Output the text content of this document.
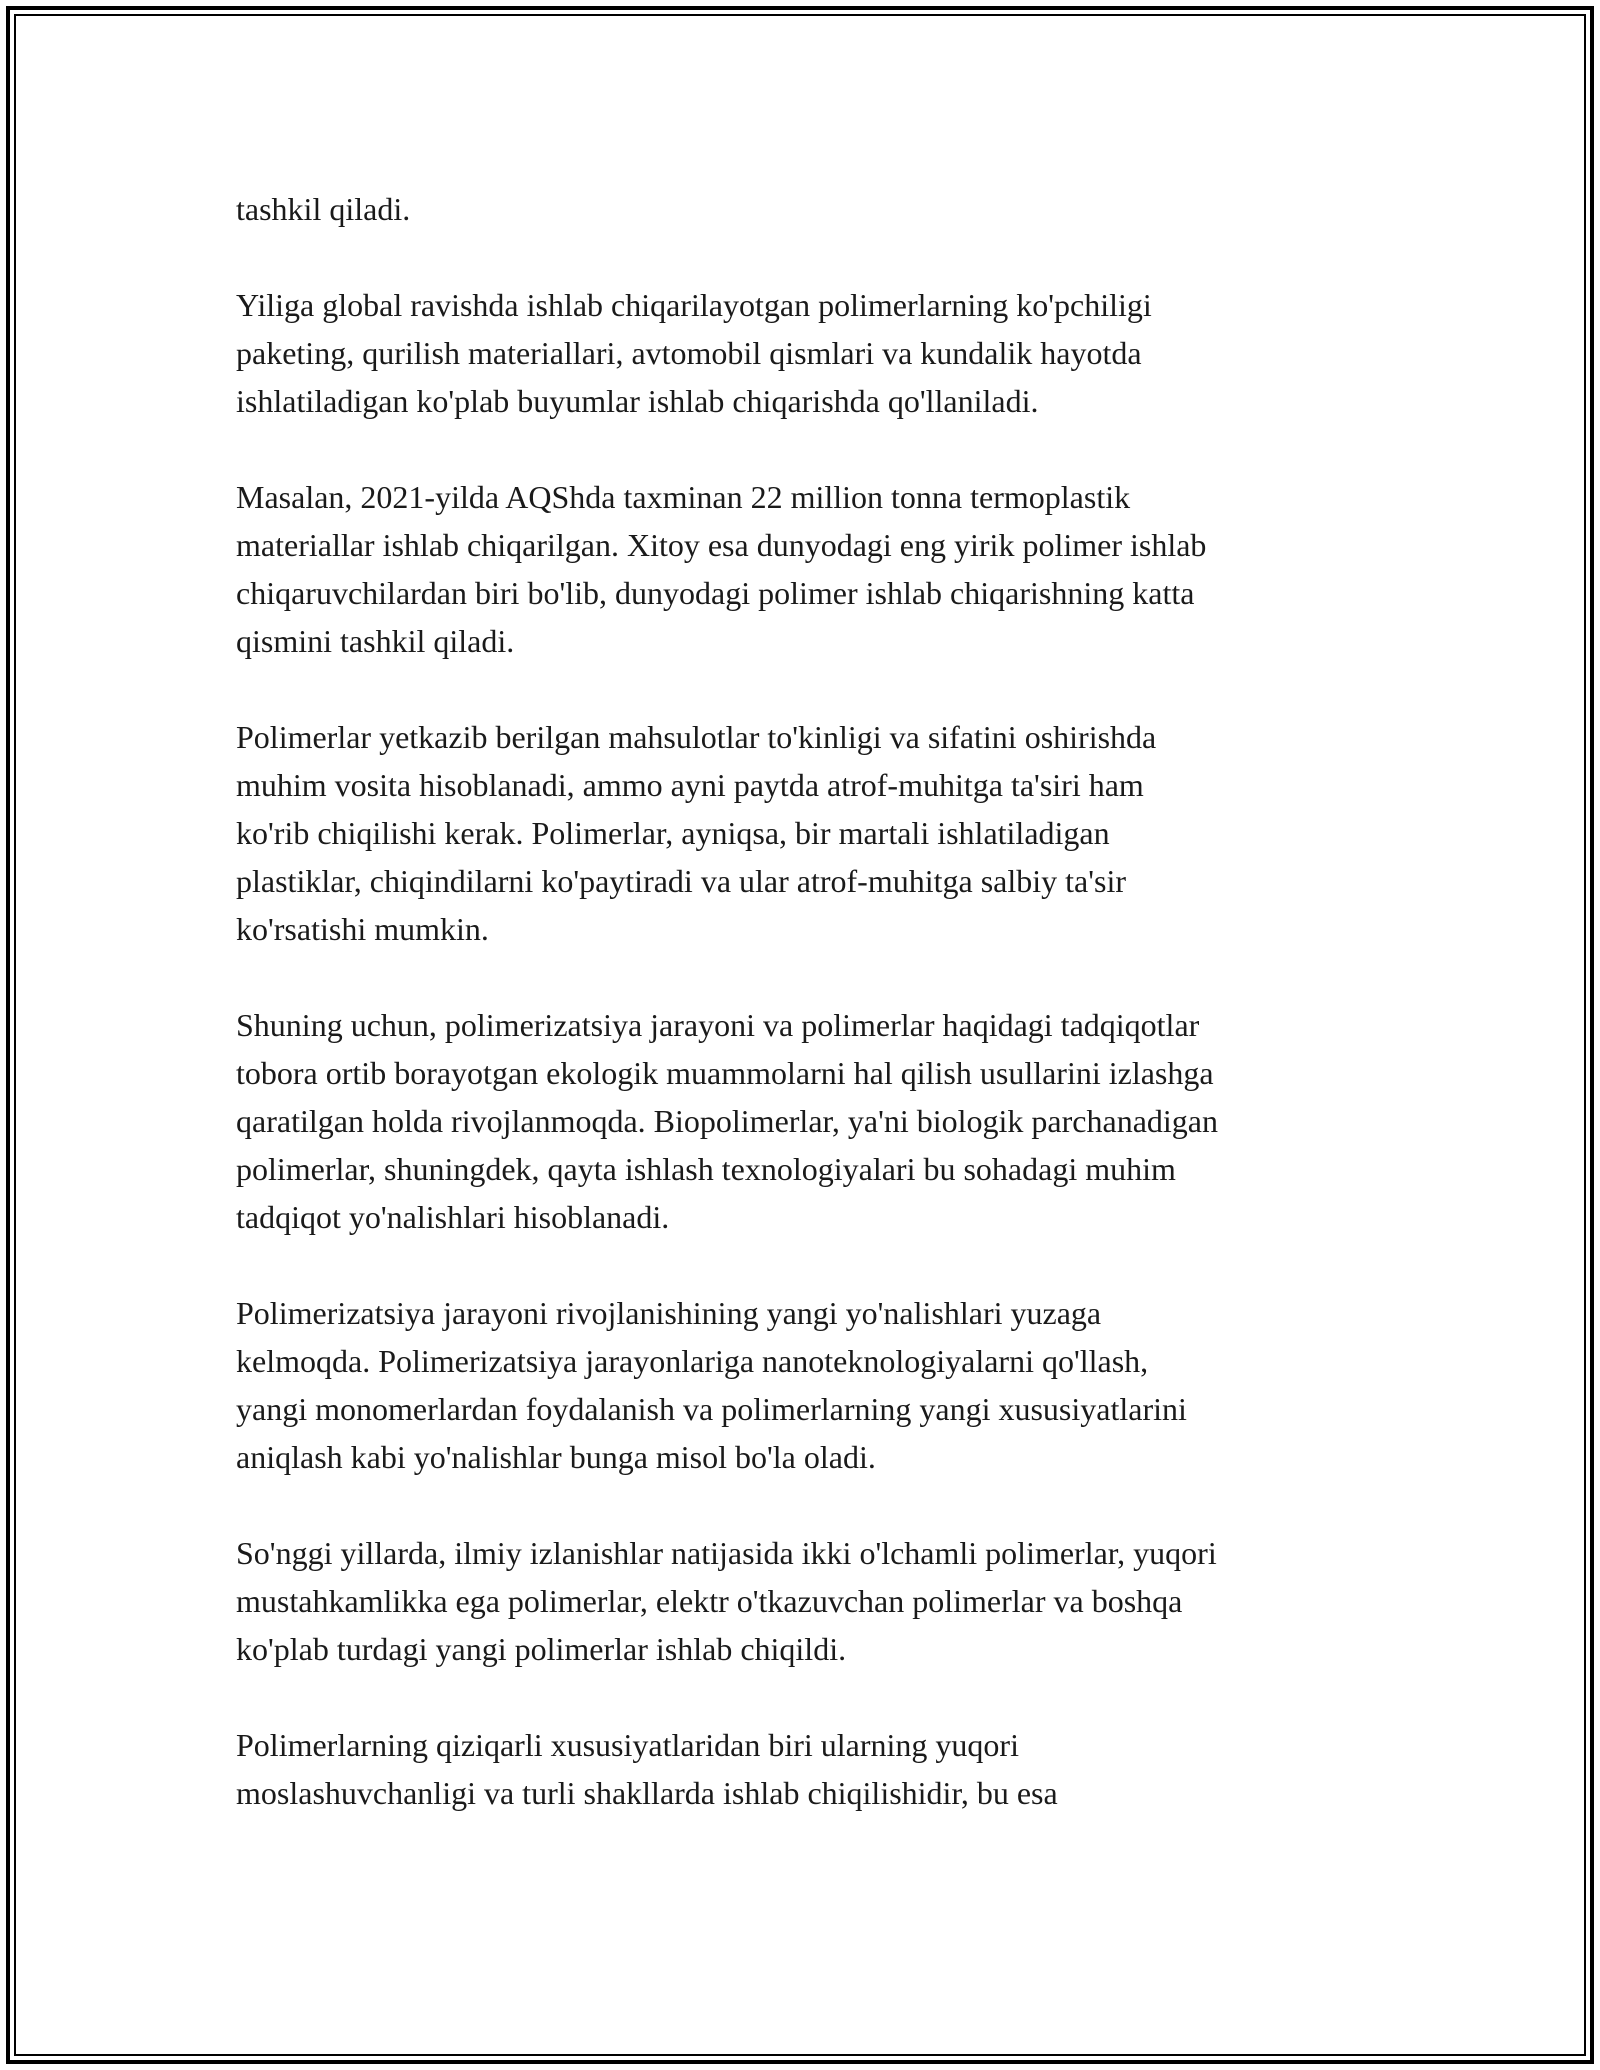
tashkil qiladi.

Yiliga global ravishda ishlab chiqarilayotgan polimerlarning ko'pchiligi
paketing, qurilish materiallari, avtomobil qismlari va kundalik hayotda
ishlatiladigan ko'plab buyumlar ishlab chiqarishda qo'llaniladi.

Masalan, 2021-yilda AQShda taxminan 22 million tonna termoplastik
materiallar ishlab chiqarilgan. Xitoy esa dunyodagi eng yirik polimer ishlab
chiqaruvchilardan biri bo'lib, dunyodagi polimer ishlab chiqarishning katta
qismini tashkil qiladi.

Polimerlar yetkazib berilgan mahsulotlar to'kinligi va sifatini oshirishda
muhim vosita hisoblanadi, ammo ayni paytda atrof-muhitga ta'siri ham
ko'rib chiqilishi kerak. Polimerlar, ayniqsa, bir martali ishlatiladigan
plastiklar, chiqindilarni ko'paytiradi va ular atrof-muhitga salbiy ta'sir
ko'rsatishi mumkin.

Shuning uchun, polimerizatsiya jarayoni va polimerlar haqidagi tadqiqotlar
tobora ortib borayotgan ekologik muammolarni hal qilish usullarini izlashga
qaratilgan holda rivojlanmoqda. Biopolimerlar, ya'ni biologik parchanadigan
polimerlar, shuningdek, qayta ishlash texnologiyalari bu sohadagi muhim
tadqiqot yo'nalishlari hisoblanadi.

Polimerizatsiya jarayoni rivojlanishining yangi yo'nalishlari yuzaga
kelmoqda. Polimerizatsiya jarayonlariga nanoteknologiyalarni qo'llash,
yangi monomerlardan foydalanish va polimerlarning yangi xususiyatlarini
aniqlash kabi yo'nalishlar bunga misol bo'la oladi.

So'nggi yillarda, ilmiy izlanishlar natijasida ikki o'lchamli polimerlar, yuqori
mustahkamlikka ega polimerlar, elektr o'tkazuvchan polimerlar va boshqa
ko'plab turdagi yangi polimerlar ishlab chiqildi.

Polimerlarning qiziqarli xususiyatlaridan biri ularning yuqori
moslashuvchanligi va turli shakllarda ishlab chiqilishidir, bu esa
